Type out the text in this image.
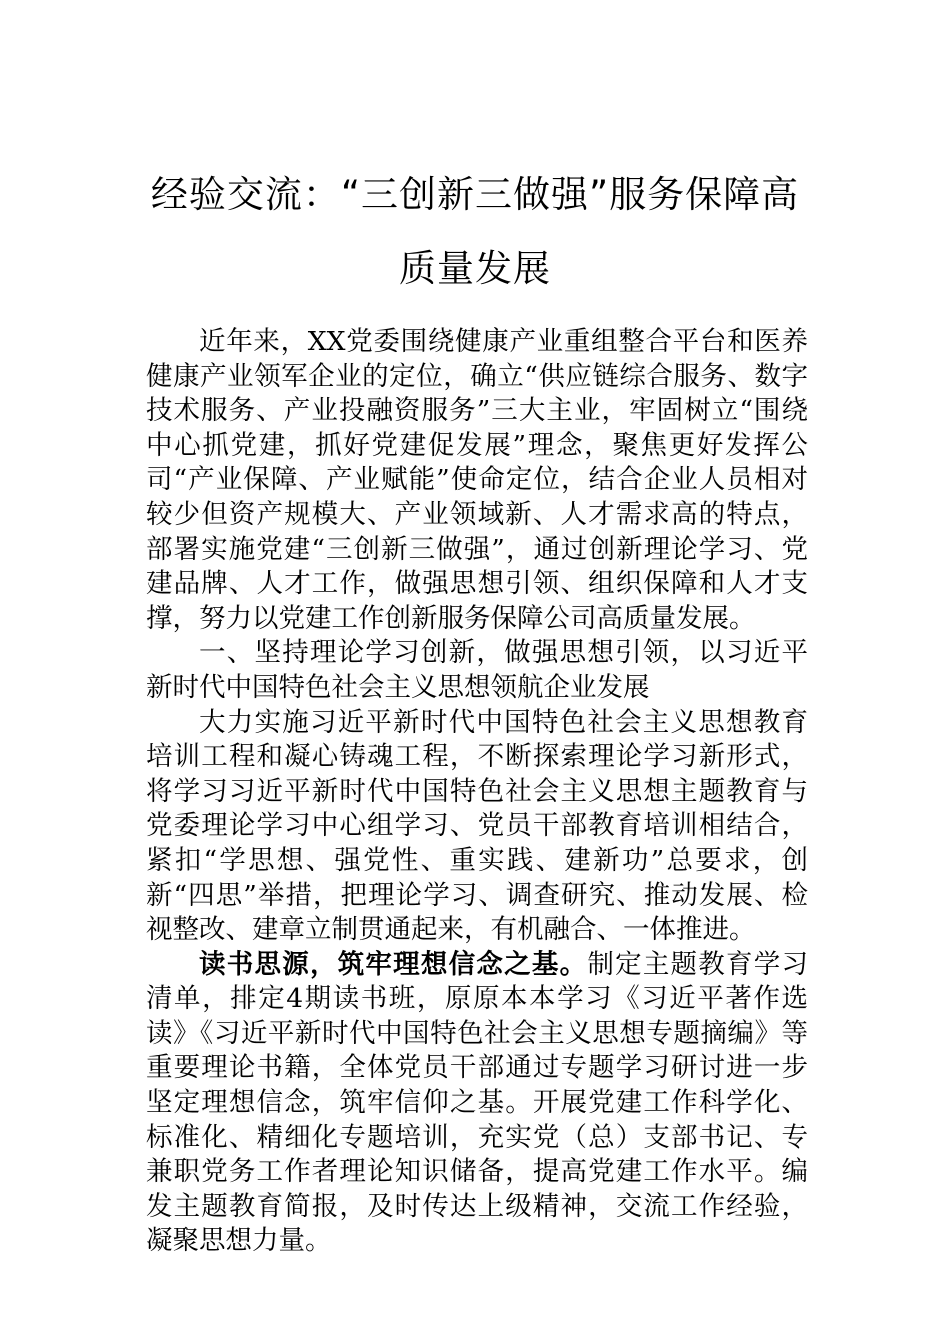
经验交流：“三创新三做强”服务保障高质量发展

近年来，XX党委围绕健康产业重组整合平台和医养健康产业领军企业的定位，确立“供应链综合服务、数字技术服务、产业投融资服务”三大主业，牢固树立“围绕中心抓党建，抓好党建促发展”理念，聚焦更好发挥公司“产业保障、产业赋能”使命定位，结合企业人员相对较少但资产规模大、产业领域新、人才需求高的特点，部署实施党建“三创新三做强”，通过创新理论学习、党建品牌、人才工作，做强思想引领、组织保障和人才支撑，努力以党建工作创新服务保障公司高质量发展。

一、坚持理论学习创新，做强思想引领，以习近平新时代中国特色社会主义思想领航企业发展

大力实施习近平新时代中国特色社会主义思想教育培训工程和凝心铸魂工程，不断探索理论学习新形式，将学习习近平新时代中国特色社会主义思想主题教育与党委理论学习中心组学习、党员干部教育培训相结合，紧扣“学思想、强党性、重实践、建新功”总要求，创新“四思”举措，把理论学习、调查研究、推动发展、检视整改、建章立制贯通起来，有机融合、一体推进。

读书思源，筑牢理想信念之基。制定主题教育学习清单，排定4期读书班，原原本本学习《习近平著作选读》《习近平新时代中国特色社会主义思想专题摘编》等重要理论书籍，全体党员干部通过专题学习研讨进一步坚定理想信念，筑牢信仰之基。开展党建工作科学化、标准化、精细化专题培训，充实党（总）支部书记、专兼职党务工作者理论知识储备，提高党建工作水平。编发主题教育简报，及时传达上级精神，交流工作经验，凝聚思想力量。
